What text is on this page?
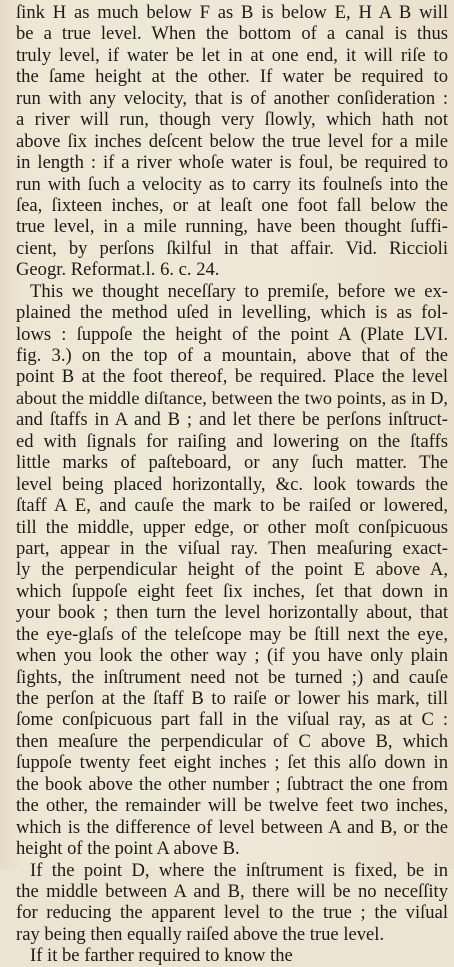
ſink H as much below F as B is below E, H A B will
be a true level. When the bottom of a canal is thus
truly level, if water be let in at one end, it will riſe to
the ſame height at the other. If water be required to
run with any velocity, that is of another conſideration :
a river will run, though very ſlowly, which hath not
above ſix inches deſcent below the true level for a mile
in length : if a river whoſe water is foul, be required to
run with ſuch a velocity as to carry its foulneſs into the
ſea, ſixteen inches, or at leaſt one foot fall below the
true level, in a mile running, have been thought ſuffi-
cient, by perſons ſkilful in that affair. Vid. Riccioli
Geogr. Reformat.l. 6. c. 24.
This we thought neceſſary to premiſe, before we ex-
plained the method uſed in levelling, which is as fol-
lows : ſuppoſe the height of the point A (Plate LVI.
fig. 3.) on the top of a mountain, above that of the
point B at the foot thereof, be required. Place the level
about the middle diſtance, between the two points, as in D,
and ſtaffs in A and B ; and let there be perſons inſtruct-
ed with ſignals for raiſing and lowering on the ſtaffs
little marks of paſteboard, or any ſuch matter. The
level being placed horizontally, &c. look towards the
ſtaff A E, and cauſe the mark to be raiſed or lowered,
till the middle, upper edge, or other moſt conſpicuous
part, appear in the viſual ray. Then meaſuring exact-
ly the perpendicular height of the point E above A,
which ſuppoſe eight feet ſix inches, ſet that down in
your book ; then turn the level horizontally about, that
the eye-glaſs of the teleſcope may be ſtill next the eye,
when you look the other way ; (if you have only plain
ſights, the inſtrument need not be turned ;) and cauſe
the perſon at the ſtaff B to raiſe or lower his mark, till
ſome conſpicuous part fall in the viſual ray, as at C :
then meaſure the perpendicular of C above B, which
ſuppoſe twenty feet eight inches ; ſet this alſo down in
the book above the other number ; ſubtract the one from
the other, the remainder will be twelve feet two inches,
which is the difference of level between A and B, or the
height of the point A above B.
If the point D, where the inſtrument is fixed, be in
the middle between A and B, there will be no neceſſity
for reducing the apparent level to the true ; the viſual
ray being then equally raiſed above the true level.
If it be farther required to know the
